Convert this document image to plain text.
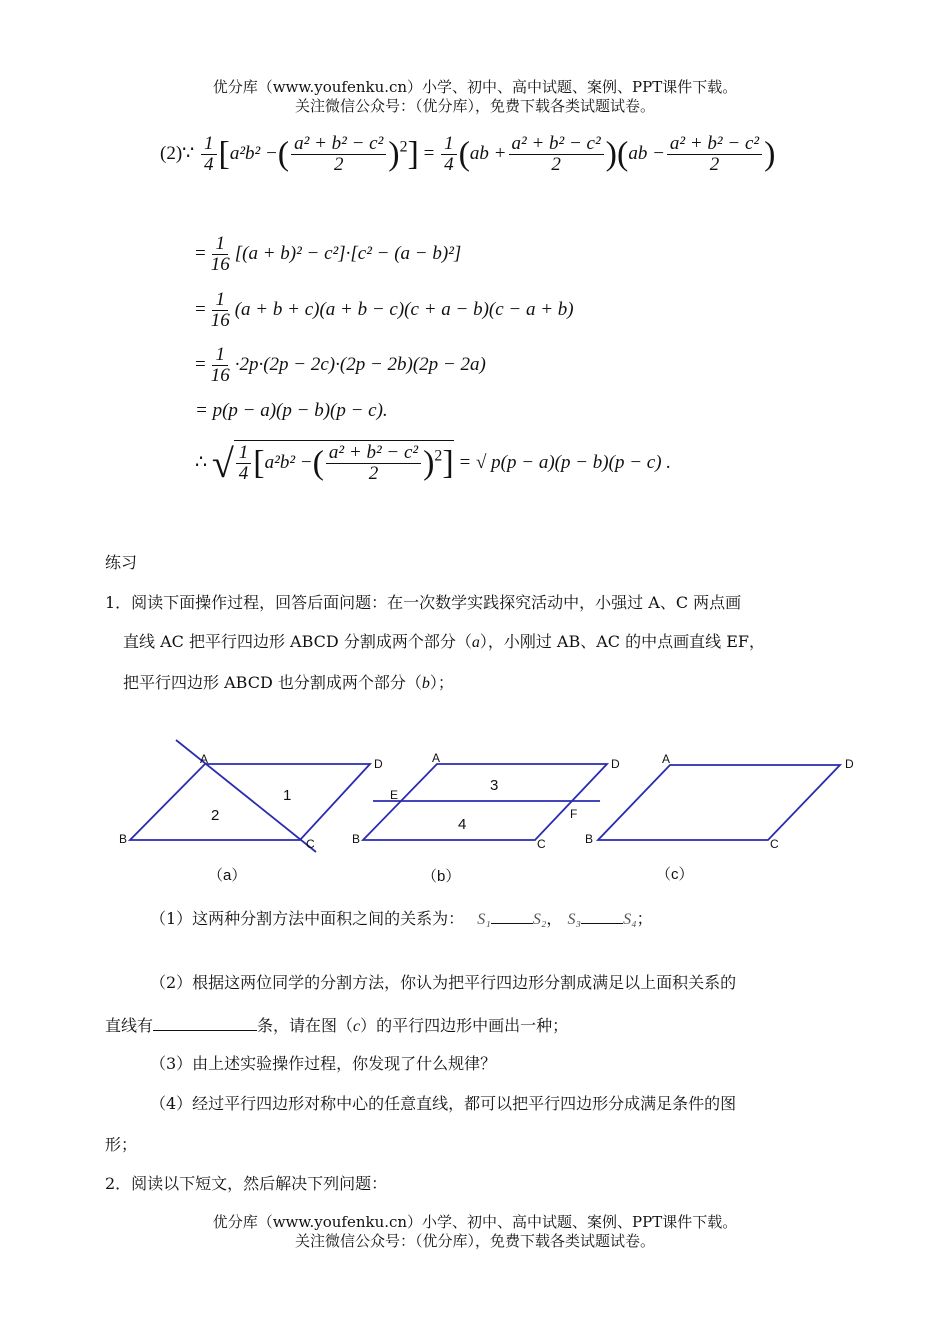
优分库（www.youfenku.cn）小学、初中、高中试题、案例、PPT课件下载。
关注微信公众号：（优分库），免费下载各类试题试卷。
(2)∵ $\frac{1}{4} [a^2b^2$ −( $\frac{\text{a² + b² − c²}}{2} )^2] = \frac{1}{4} (ab + \frac{\text{a² + b² − c²}}{2} )(ab - \frac{\text{a² + b² − c²}}{2}$ )
= $\frac{1}{16} [(a + b)^2 - c^2]\cdot[c^2 - (a - b)^2]$
= $\frac{1}{16} (a + b + c)(a + b - c)(c + a - b)(c - a + b)$
= $\frac{1}{16} \cdot 2p\cdot(2p - 2c)\cdot(2p - 2b)(2p - 2a)$
= p(p − a)(p − b)(p − c).
∴ √ $\frac{1}{4} [a^2b^2$ −( $\frac{\text{a² + b² − c²}}{2} )^2$] = √ p(p − a)(p − b)(p − c) .
练习
1．阅读下面操作过程，回答后面问题：在一次数学实践探究活动中，小强过 A、C 两点画
直线 AC 把平行四边形 ABCD 分割成两个部分（a），小刚过 AB、AC 的中点画直线 EF，
把平行四边形 ABCD 也分割成两个部分（b）；
A	D
B	C
1
2
（a）
A	D
B	C
E
F
3
4
（b）
A	D
B	C
（c）
（1）这两种分割方法中面积之间的关系为： S₁	S₂， S₃	S₄；
（2）根据这两位同学的分割方法，你认为把平行四边形分割成满足以上面积关系的
直线有	条，请在图（c）的平行四边形中画出一种；
（3）由上述实验操作过程，你发现了什么规律？
（4）经过平行四边形对称中心的任意直线，都可以把平行四边形分成满足条件的图
形；
2．阅读以下短文，然后解决下列问题：
优分库（www.youfenku.cn）小学、初中、高中试题、案例、PPT课件下载。
关注微信公众号：（优分库），免费下载各类试题试卷。
